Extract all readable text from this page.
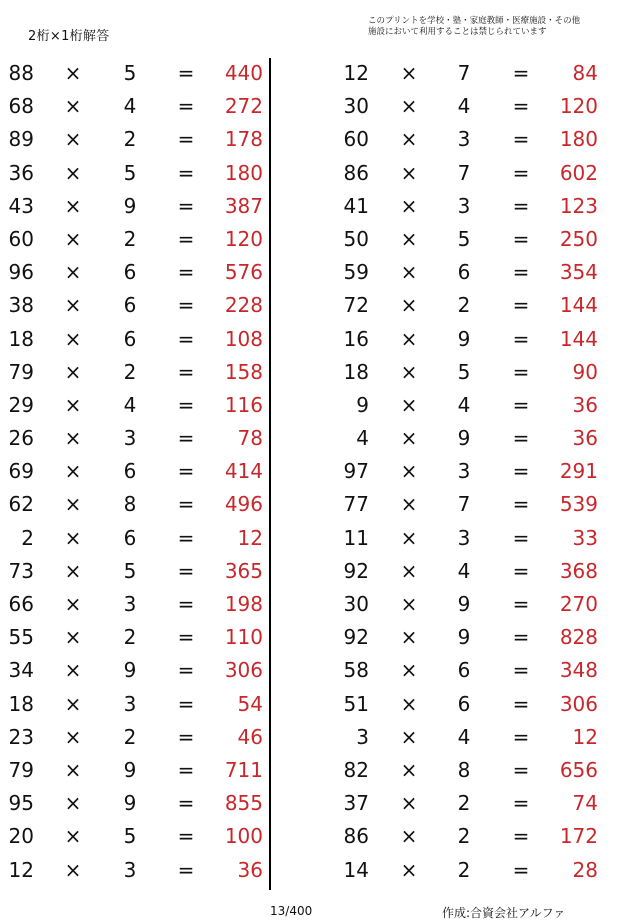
2桁×1桁解答
このプリントを学校・塾・家庭教師・医療施設・その他
施設において利用することは禁じられています
88 × 5 =	440
68 × 4 =	272
89 × 2 =	178
36 × 5 =	180
43 × 9 =	387
60 × 2 =	120
96 × 6 =	576
38 × 6 =	228
18 × 6 =	108
79 × 2 =	158
29 × 4 =	116
26 × 3 =	78
69 × 6 =	414
62 × 8 =	496
2 × 6 =	12
73 × 5 =	365
66 × 3 =	198
55 × 2 =	110
34 × 9 =	306
18 × 3 =	54
23 × 2 =	46
79 × 9 =	711
95 × 9 =	855
20 × 5 =	100
12 × 3 =	36
12 × 7 =	84
30 × 4 =	120
60 × 3 =	180
86 × 7 =	602
41 × 3 =	123
50 × 5 =	250
59 × 6 =	354
72 × 2 =	144
16 × 9 =	144
18 × 5 =	90
9 × 4 =	36
4 × 9 =	36
97 × 3 =	291
77 × 7 =	539
11 × 3 =	33
92 × 4 =	368
30 × 9 =	270
92 × 9 =	828
58 × 6 =	348
51 × 6 =	306
3 × 4 =	12
82 × 8 =	656
37 × 2 =	74
86 × 2 =	172
14 × 2 =	28
13/400	作成:合資会社アルファ
